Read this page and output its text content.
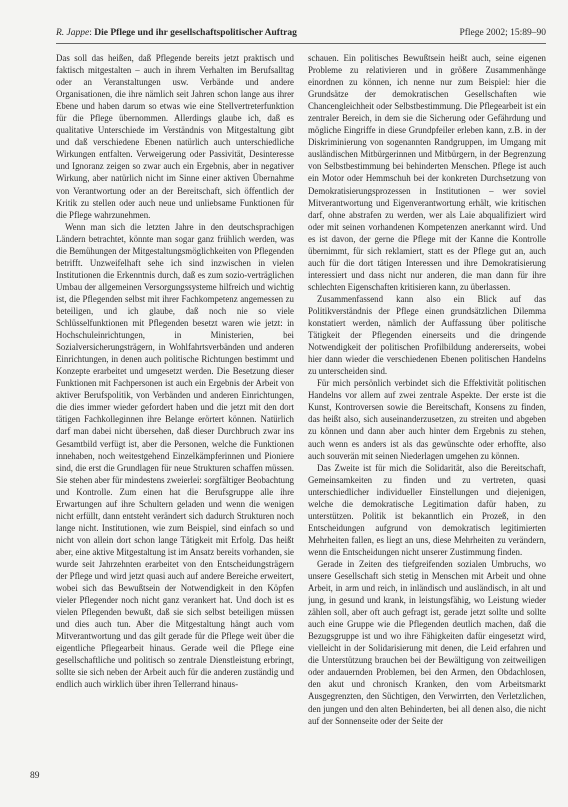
R. Jappe: Die Pflege und ihr gesellschaftspolitischer Auftrag	Pflege 2002; 15:89–90

Das soll das heißen, daß Pflegende bereits jetzt praktisch und faktisch mitgestalten – auch in ihrem Verhalten im Berufsalltag oder an Veranstaltungen usw. Verbände und andere Organisationen, die ihre nämlich seit Jahren schon lange aus ihrer Ebene und haben darum so etwas wie eine Stellvertreterfunktion für die Pflege übernommen. Allerdings glaube ich, daß es qualitative Unterschiede im Verständnis von Mitgestaltung gibt und daß verschiedene Ebenen natürlich auch unterschiedliche Wirkungen entfalten. Verweigerung oder Passivität, Desinteresse und Ignoranz zeigen so zwar auch ein Ergebnis, aber in negativer Wirkung, aber natürlich nicht im Sinne einer aktiven Übernahme von Verantwortung oder an der Bereitschaft, sich öffentlich der Kritik zu stellen oder auch neue und unliebsame Funktionen für die Pflege wahrzunehmen.

Wenn man sich die letzten Jahre in den deutschsprachigen Ländern betrachtet, könnte man sogar ganz frühlich werden, was die Bemühungen der Mitgestaltungsmöglichkeiten von Pflegenden betrifft. Unzweifelhaft sehe ich sind inzwischen in vielen Institutionen die Erkenntnis durch, daß es zum sozio-verträglichen Umbau der allgemeinen Versorgungssysteme hilfreich und wichtig ist, die Pflegenden selbst mit ihrer Fachkompetenz angemessen zu beteiligen, und ich glaube, daß noch nie so viele Schlüsselfunktionen mit Pflegenden besetzt waren wie jetzt: in Hochschuleinrichtungen, in Ministerien, bei Sozialversicherungsträgern, in Wohlfahrtsverbänden und anderen Einrichtungen, in denen auch politische Richtungen bestimmt und Konzepte erarbeitet und umgesetzt werden. Die Besetzung dieser Funktionen mit Fachpersonen ist auch ein Ergebnis der Arbeit von aktiver Berufspolitik, von Verbänden und anderen Einrichtungen, die dies immer wieder gefordert haben und die jetzt mit den dort tätigen Fachkolleginnen ihre Belange erörtert können. Natürlich darf man dabei nicht übersehen, daß dieser Durchbruch zwar ins Gesamtbild verfügt ist, aber die Personen, welche die Funktionen innehaben, noch weitestgehend Einzelkämpferinnen und Pioniere sind, die erst die Grundlagen für neue Strukturen schaffen müssen. Sie stehen aber für mindestens zweierlei: sorgfältiger Beobachtung und Kontrolle. Zum einen hat die Berufsgruppe alle ihre Erwartungen auf ihre Schultern geladen und wenn die wenigen nicht erfüllt, dann entsteht verändert sich dadurch Strukturen noch lange nicht. Institutionen, wie zum Beispiel, sind einfach so und nicht von allein dort schon lange Tätigkeit mit Erfolg. Das heißt aber, eine aktive Mitgestaltung ist im Ansatz bereits vorhanden, sie wurde seit Jahrzehnten erarbeitet von den Entscheidungsträgern der Pflege und wird jetzt quasi auch auf andere Bereiche erweitert, wobei sich das Bewußtsein der Notwendigkeit in den Köpfen vieler Pflegender noch nicht ganz verankert hat. Und doch ist es vielen Pflegenden bewußt, daß sie sich selbst beteiligen müssen und dies auch tun. Aber die Mitgestaltung hängt auch vom Mitverantwortung und das gilt gerade für die Pflege weit über die eigentliche Pflegearbeit hinaus. Gerade weil die Pflege eine gesellschaftliche und politisch so zentrale Dienstleistung erbringt, sollte sie sich neben der Arbeit auch für die anderen zuständig und endlich auch wirklich über ihren Tellerrand hinaus-

schauen. Ein politisches Bewußtsein heißt auch, seine eigenen Probleme zu relativieren und in größere Zusammenhänge einordnen zu können, ich nenne nur zum Beispiel: hier die Grundsätze der demokratischen Gesellschaften wie Chancengleichheit oder Selbstbestimmung. Die Pflegearbeit ist ein zentraler Bereich, in dem sie die Sicherung oder Gefährdung und mögliche Eingriffe in diese Grundpfeiler erleben kann, z.B. in der Diskriminierung von sogenannten Randgruppen, im Umgang mit ausländischen Mitbürgerinnen und Mitbürgern, in der Begrenzung von Selbstbestimmung bei behinderten Menschen. Pflege ist auch ein Motor oder Hemmschuh bei der konkreten Durchsetzung von Demokratisierungsprozessen in Institutionen – wer soviel Mitverantwortung und Eigenverantwortung erhält, wie kritischen darf, ohne abstrafen zu werden, wer als Laie abqualifiziert wird oder mit seinen vorhandenen Kompetenzen anerkannt wird. Und es ist davon, der gerne die Pflege mit der Kanne die Kontrolle übernimmt, für sich reklamiert, statt es der Pflege gut an, auch auch für die dort tätigen Interessen und ihre Demokratisierung interessiert und dass nicht nur anderen, die man dann für ihre schlechten Eigenschaften kritisieren kann, zu überlassen.

Zusammenfassend kann also ein Blick auf das Politikverständnis der Pflege einen grundsätzlichen Dilemma konstatiert werden, nämlich der Auffassung über politische Tätigkeit der Pflegenden einerseits und die dringende Notwendigkeit der politischen Profilbildung andererseits, wobei hier dann wieder die verschiedenen Ebenen politischen Handelns zu unterscheiden sind.

Für mich persönlich verbindet sich die Effektivität politischen Handelns vor allem auf zwei zentrale Aspekte. Der erste ist die Kunst, Kontroversen sowie die Bereitschaft, Konsens zu finden, das heißt also, sich auseinanderzusetzen, zu streiten und abgeben zu können und dann aber auch hinter dem Ergebnis zu stehen, auch wenn es anders ist als das gewünschte oder erhoffte, also auch souverän mit seinen Niederlagen umgehen zu können.

Das Zweite ist für mich die Solidarität, also die Bereitschaft, Gemeinsamkeiten zu finden und zu vertreten, quasi unterschiedlicher individueller Einstellungen und diejenigen, welche die demokratische Legitimation dafür haben, zu unterstützen. Politik ist bekanntlich ein Prozeß, in den Entscheidungen aufgrund von demokratisch legitimierten Mehrheiten fallen, es liegt an uns, diese Mehrheiten zu verändern, wenn die Entscheidungen nicht unserer Zustimmung finden.

Gerade in Zeiten des tiefgreifenden sozialen Umbruchs, wo unsere Gesellschaft sich stetig in Menschen mit Arbeit und ohne Arbeit, in arm und reich, in inländisch und ausländisch, in alt und jung, in gesund und krank, in leistungsfähig, wo Leistung wieder zählen soll, aber oft auch gefragt ist, gerade jetzt sollte und sollte auch eine Gruppe wie die Pflegenden deutlich machen, daß die Bezugsgruppe ist und wo ihre Fähigkeiten dafür eingesetzt wird, vielleicht in der Solidarisierung mit denen, die Leid erfahren und die Unterstützung brauchen bei der Bewältigung von zeitweiligen oder andauernden Problemen, bei den Armen, den Obdachlosen, den akut und chronisch Kranken, den vom Arbeitsmarkt Ausgegrenzten, den Süchtigen, den Verwirrten, den Verletzlichen, den jungen und den alten Behinderten, bei all denen also, die nicht auf der Sonnenseite oder der Seite der

89
